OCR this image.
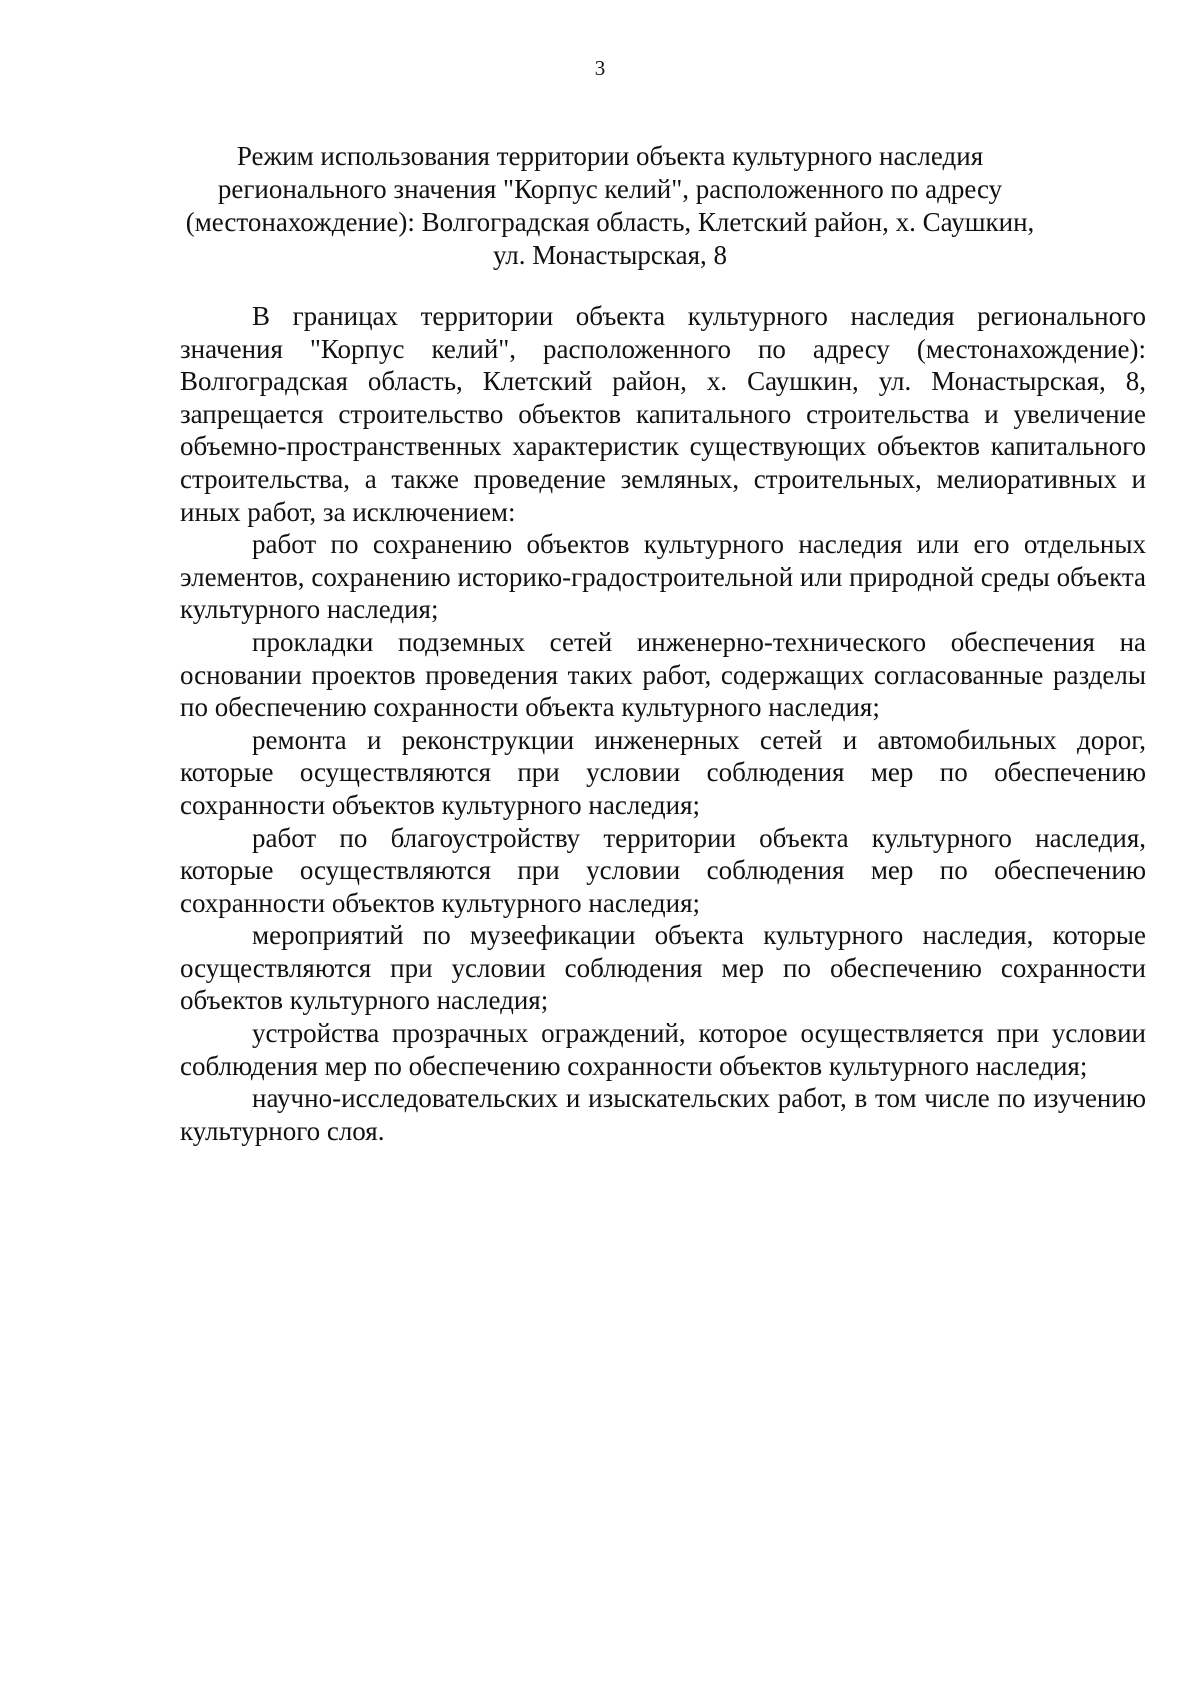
3
Режим использования территории объекта культурного наследия
регионального значения "Корпус келий", расположенного по адресу
(местонахождение): Волгоградская область, Клетский район, х. Саушкин,
ул. Монастырская, 8

В границах территории объекта культурного наследия регионального значения "Корпус келий", расположенного по адресу (местонахождение): Волгоградская область, Клетский район, х. Саушкин, ул. Монастырская, 8, запрещается строительство объектов капитального строительства и увеличение объемно-пространственных характеристик существующих объектов капитального строительства, а также проведение земляных, строительных, мелиоративных и иных работ, за исключением:

работ по сохранению объектов культурного наследия или его отдельных элементов, сохранению историко-градостроительной или природной среды объекта культурного наследия;

прокладки подземных сетей инженерно-технического обеспечения на основании проектов проведения таких работ, содержащих согласованные разделы по обеспечению сохранности объекта культурного наследия;

ремонта и реконструкции инженерных сетей и автомобильных дорог, которые осуществляются при условии соблюдения мер по обеспечению сохранности объектов культурного наследия;

работ по благоустройству территории объекта культурного наследия, которые осуществляются при условии соблюдения мер по обеспечению сохранности объектов культурного наследия;

мероприятий по музеефикации объекта культурного наследия, которые осуществляются при условии соблюдения мер по обеспечению сохранности объектов культурного наследия;

устройства прозрачных ограждений, которое осуществляется при условии соблюдения мер по обеспечению сохранности объектов культурного наследия;

научно-исследовательских и изыскательских работ, в том числе по изучению культурного слоя.
